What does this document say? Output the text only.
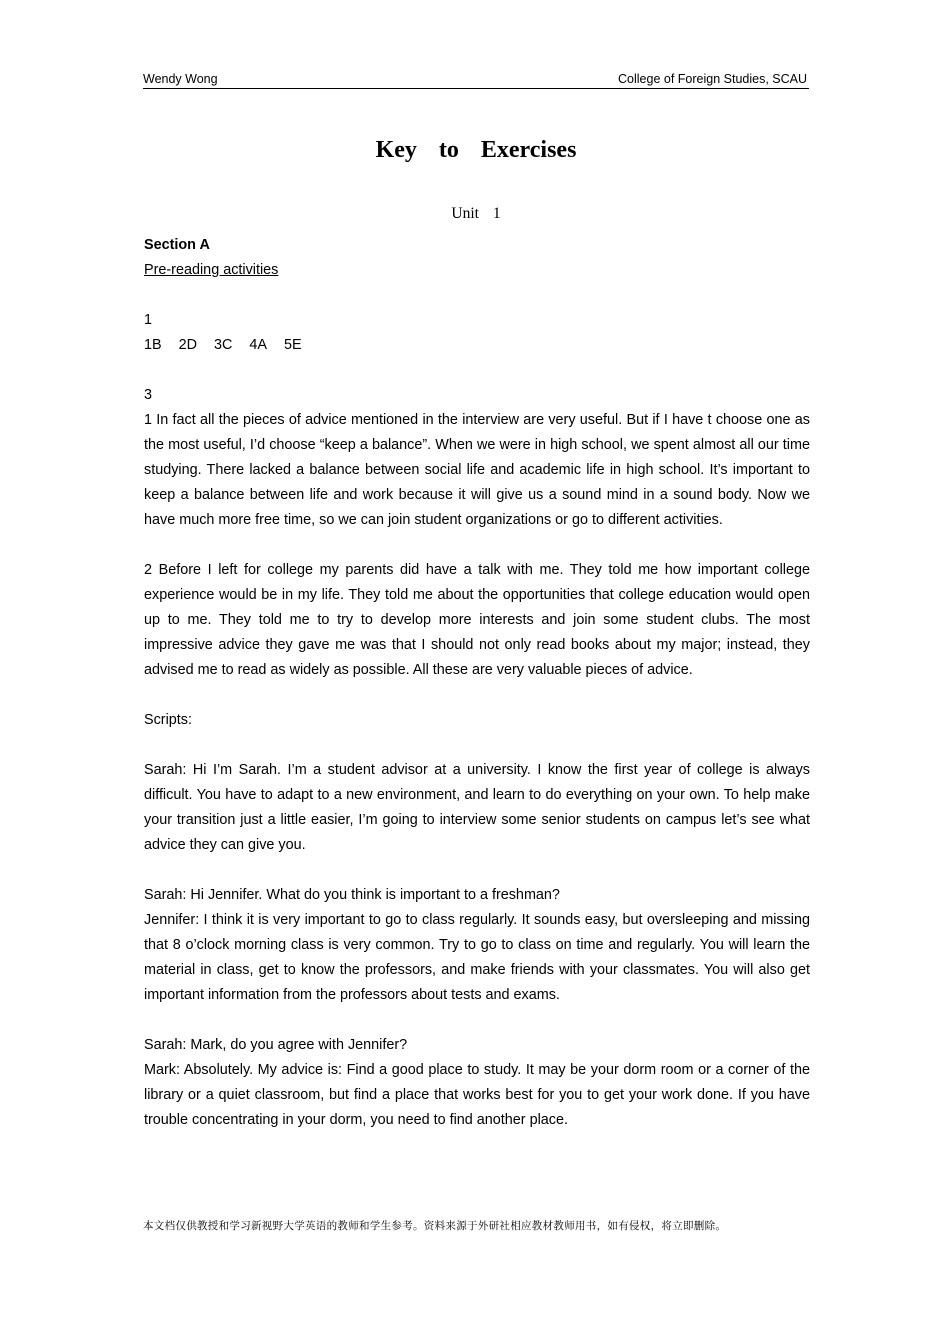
Wendy Wong	College of Foreign Studies, SCAU
Key to Exercises
Unit 1

Section A

Pre-reading activities

1

1B 2D 3C 4A 5E

3

1 In fact all the pieces of advice mentioned in the interview are very useful. But if I have t choose one as the most useful, I’d choose “keep a balance”. When we were in high school, we spent almost all our time studying. There lacked a balance between social life and academic life in high school. It’s important to keep a balance between life and work because it will give us a sound mind in a sound body. Now we have much more free time, so we can join student organizations or go to different activities.

2 Before I left for college my parents did have a talk with me. They told me how important college experience would be in my life. They told me about the opportunities that college education would open up to me. They told me to try to develop more interests and join some student clubs. The most impressive advice they gave me was that I should not only read books about my major; instead, they advised me to read as widely as possible. All these are very valuable pieces of advice.

Scripts:

Sarah: Hi I’m Sarah. I’m a student advisor at a university. I know the first year of college is always difficult. You have to adapt to a new environment, and learn to do everything on your own. To help make your transition just a little easier, I’m going to interview some senior students on campus let’s see what advice they can give you.

Sarah: Hi Jennifer. What do you think is important to a freshman?

Jennifer: I think it is very important to go to class regularly. It sounds easy, but oversleeping and missing that 8 o’clock morning class is very common. Try to go to class on time and regularly. You will learn the material in class, get to know the professors, and make friends with your classmates. You will also get important information from the professors about tests and exams.

Sarah: Mark, do you agree with Jennifer?

Mark: Absolutely. My advice is: Find a good place to study. It may be your dorm room or a corner of the library or a quiet classroom, but find a place that works best for you to get your work done. If you have trouble concentrating in your dorm, you need to find another place.

本文档仅供教授和学习新视野大学英语的教师和学生参考。资料来源于外研社相应教材教师用书，如有侵权，将立即删除。
